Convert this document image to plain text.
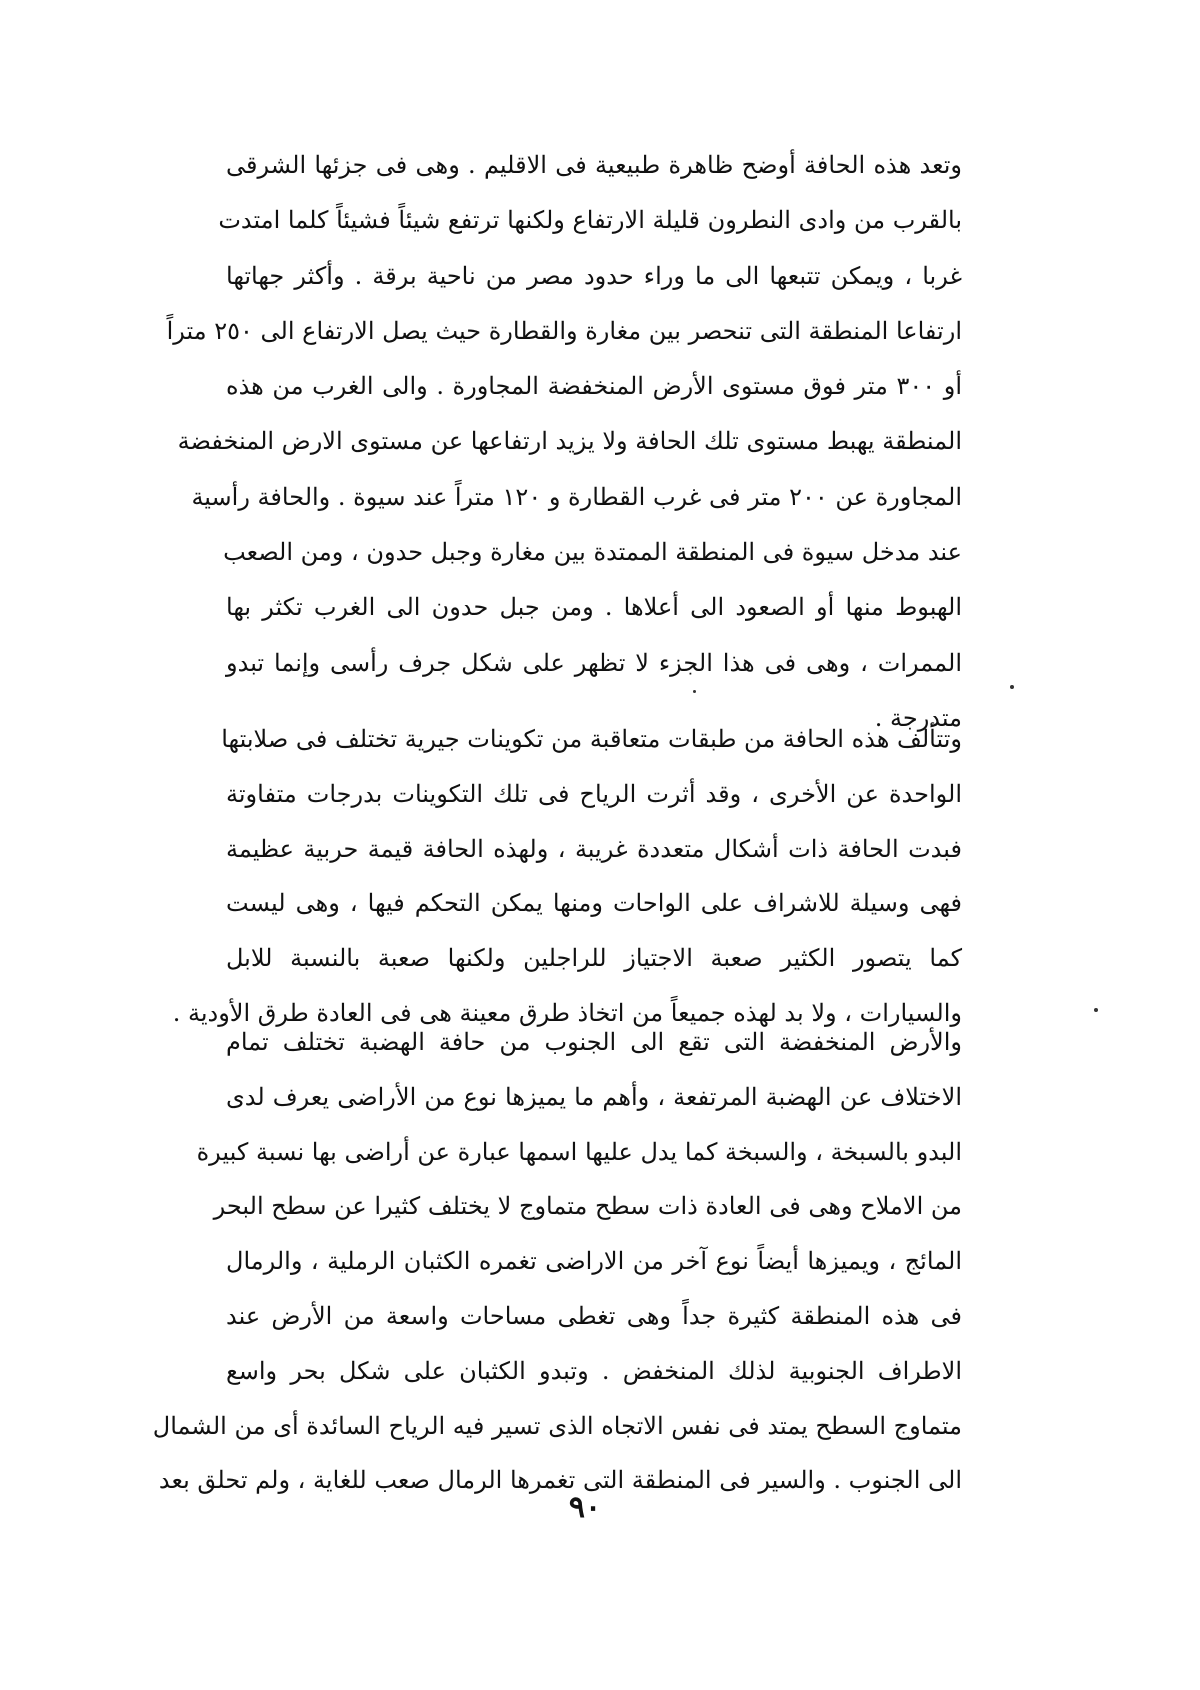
وتعد هذه الحافة أوضح ظاهرة طبيعية فى الاقليم . وهى فى جزئها الشرقى
بالقرب من وادى النطرون قليلة الارتفاع ولكنها ترتفع شيئاً فشيئاً كلما امتدت
غربا ، ويمكن تتبعها الى ما وراء حدود مصر من ناحية برقة . وأكثر جهاتها
ارتفاعا المنطقة التى تنحصر بين مغارة والقطارة حيث يصل الارتفاع الى ٢٥٠ متراً
أو ٣٠٠ متر فوق مستوى الأرض المنخفضة المجاورة . والى الغرب من هذه
المنطقة يهبط مستوى تلك الحافة ولا يزيد ارتفاعها عن مستوى الارض المنخفضة
المجاورة عن ٢٠٠ متر فى غرب القطارة و ١٢٠ متراً عند سيوة . والحافة رأسية
عند مدخل سيوة فى المنطقة الممتدة بين مغارة وجبل حدون ، ومن الصعب
الهبوط منها أو الصعود الى أعلاها . ومن جبل حدون الى الغرب تكثر بها
الممرات ، وهى فى هذا الجزء لا تظهر على شكل جرف رأسى وإنما تبدو
متدرجة .
وتتألف هذه الحافة من طبقات متعاقبة من تكوينات جيرية تختلف فى صلابتها
الواحدة عن الأخرى ، وقد أثرت الرياح فى تلك التكوينات بدرجات متفاوتة
فبدت الحافة ذات أشكال متعددة غريبة ، ولهذه الحافة قيمة حربية عظيمة
فهى وسيلة للاشراف على الواحات ومنها يمكن التحكم فيها ، وهى ليست
كما يتصور الكثير صعبة الاجتياز للراجلين ولكنها صعبة بالنسبة للابل
والسيارات ، ولا بد لهذه جميعاً من اتخاذ طرق معينة هى فى العادة طرق الأودية .
والأرض المنخفضة التى تقع الى الجنوب من حافة الهضبة تختلف تمام
الاختلاف عن الهضبة المرتفعة ، وأهم ما يميزها نوع من الأراضى يعرف لدى
البدو بالسبخة ، والسبخة كما يدل عليها اسمها عبارة عن أراضى بها نسبة كبيرة
من الاملاح وهى فى العادة ذات سطح متماوج لا يختلف كثيرا عن سطح البحر
المائج ، ويميزها أيضاً نوع آخر من الاراضى تغمره الكثبان الرملية ، والرمال
فى هذه المنطقة كثيرة جداً وهى تغطى مساحات واسعة من الأرض عند
الاطراف الجنوبية لذلك المنخفض . وتبدو الكثبان على شكل بحر واسع
متماوج السطح يمتد فى نفس الاتجاه الذى تسير فيه الرياح السائدة أى من الشمال
الى الجنوب . والسير فى المنطقة التى تغمرها الرمال صعب للغاية ، ولم تحلق بعد
٩٠
